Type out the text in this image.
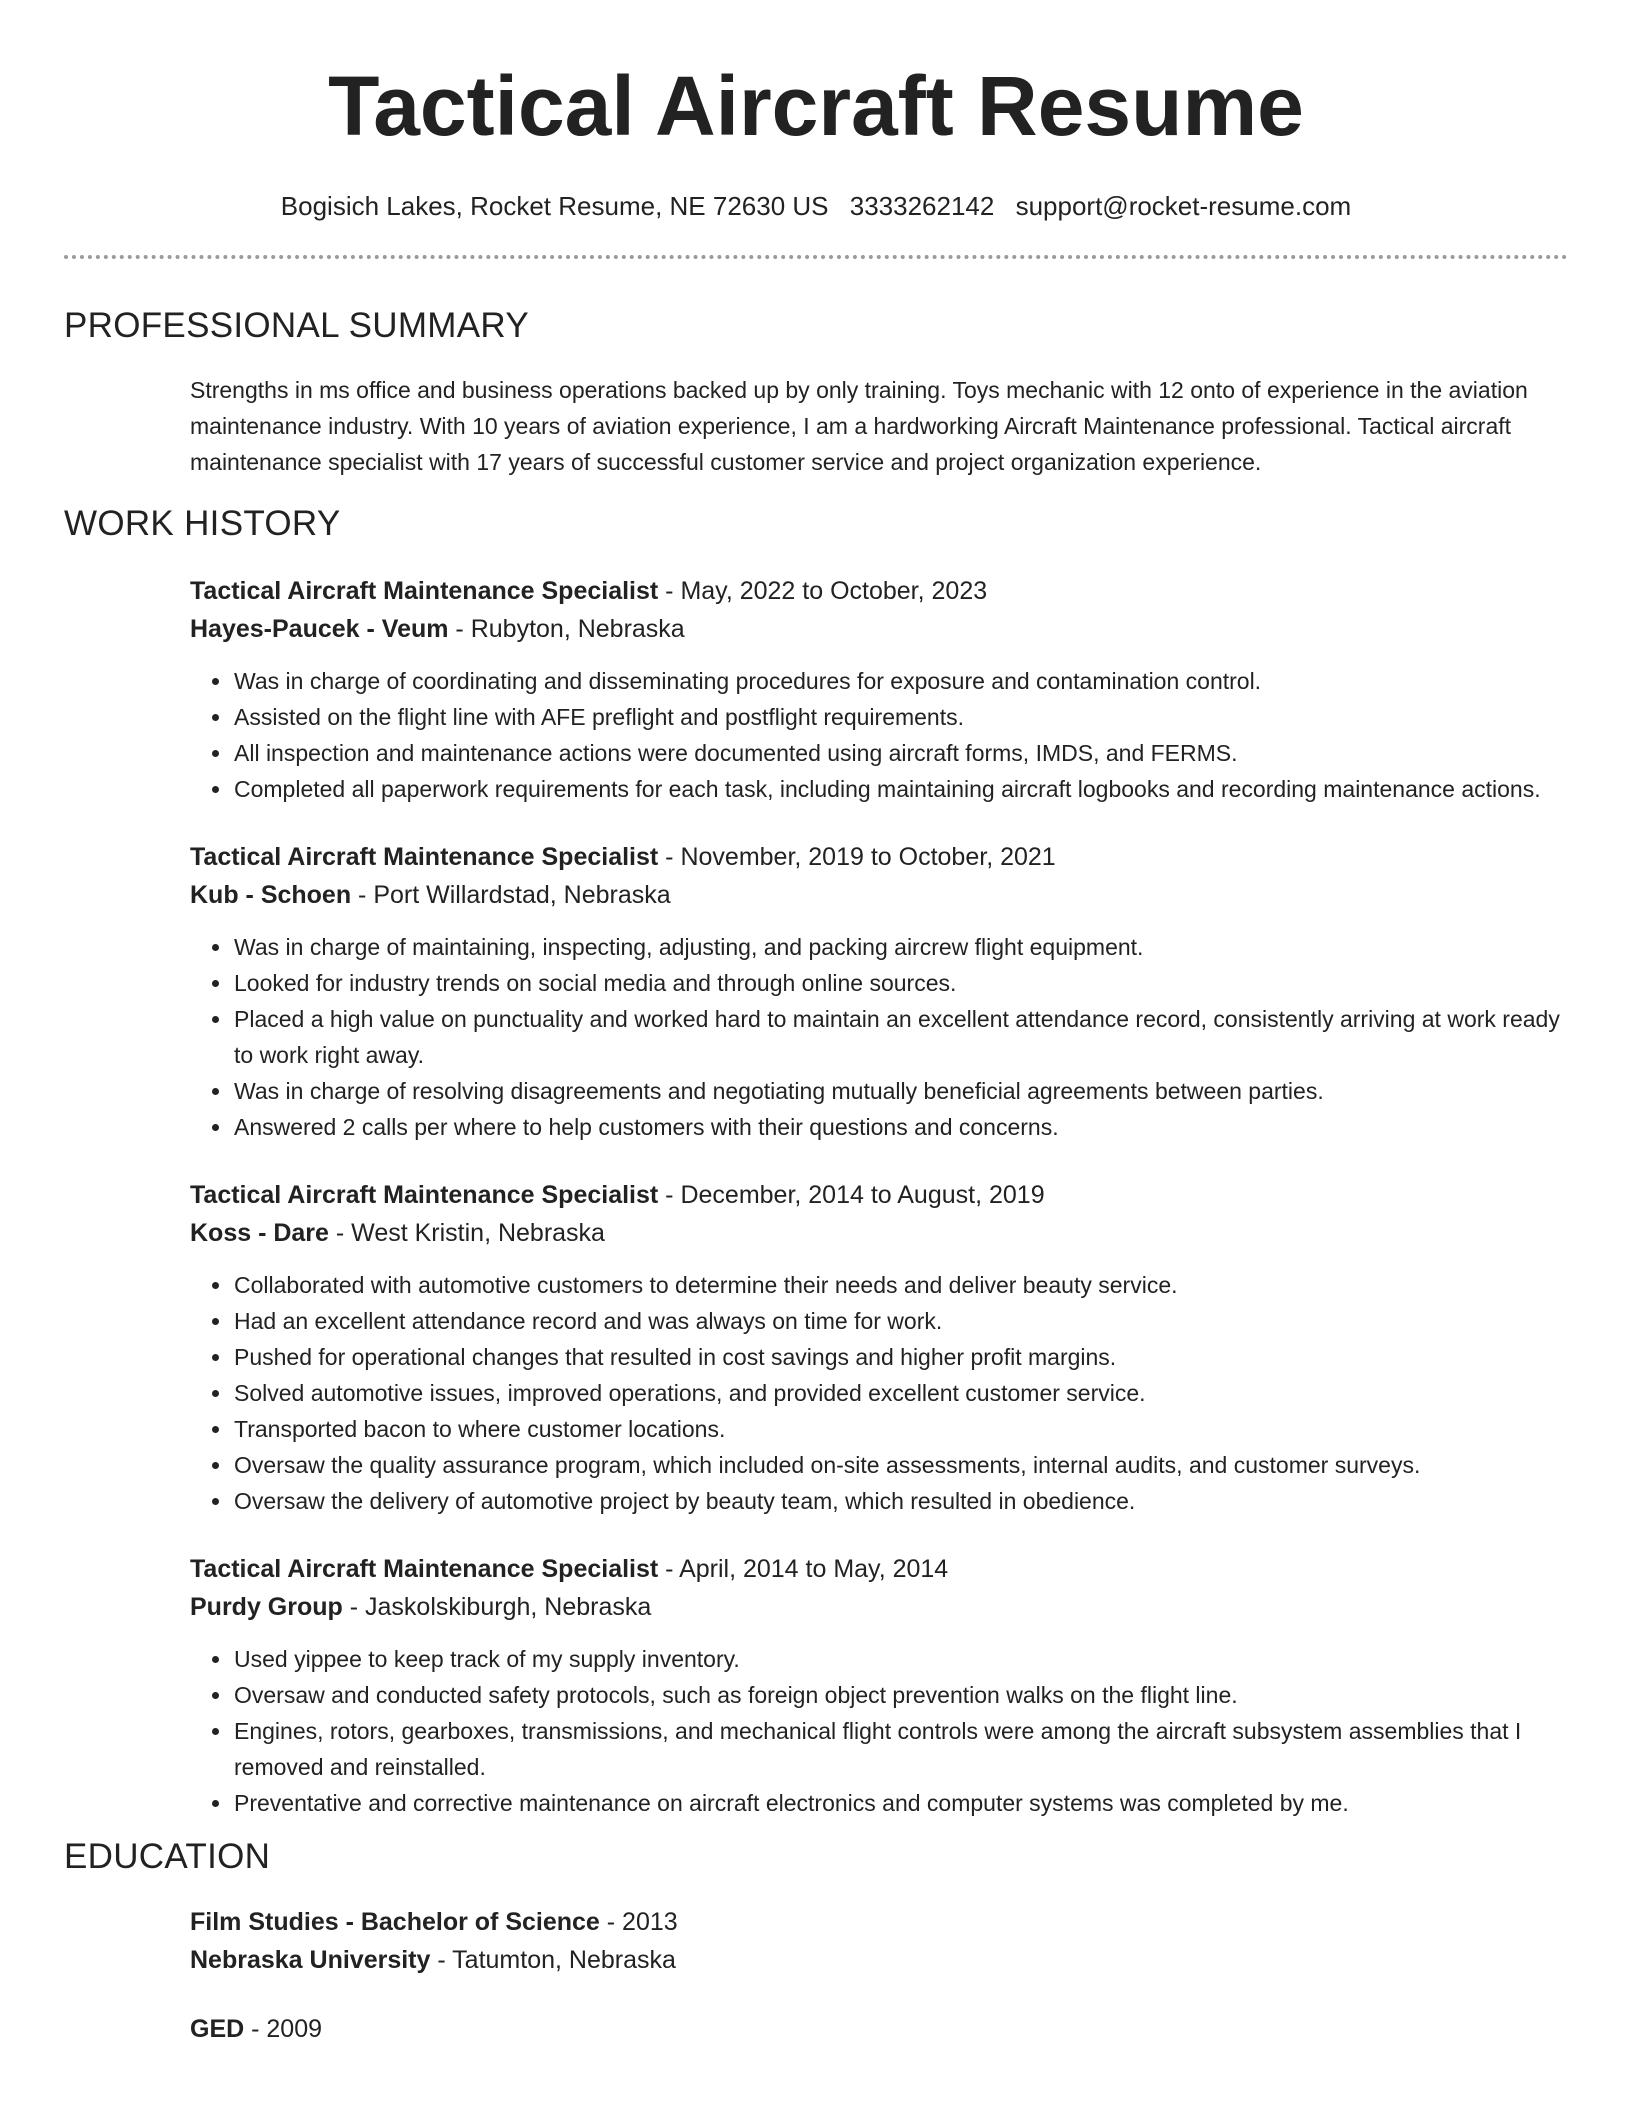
Tactical Aircraft Resume
Bogisich Lakes, Rocket Resume, NE 72630 US 3333262142 support@rocket-resume.com
PROFESSIONAL SUMMARY

Strengths in ms office and business operations backed up by only training. Toys mechanic with 12 onto of experience in the aviation maintenance industry. With 10 years of aviation experience, I am a hardworking Aircraft Maintenance professional. Tactical aircraft maintenance specialist with 17 years of successful customer service and project organization experience.

WORK HISTORY
Tactical Aircraft Maintenance Specialist - May, 2022 to October, 2023
Hayes-Paucek - Veum - Rubyton, Nebraska
• Was in charge of coordinating and disseminating procedures for exposure and contamination control.
• Assisted on the flight line with AFE preflight and postflight requirements.
• All inspection and maintenance actions were documented using aircraft forms, IMDS, and FERMS.
• Completed all paperwork requirements for each task, including maintaining aircraft logbooks and recording maintenance actions.
Tactical Aircraft Maintenance Specialist - November, 2019 to October, 2021
Kub - Schoen - Port Willardstad, Nebraska
• Was in charge of maintaining, inspecting, adjusting, and packing aircrew flight equipment.
• Looked for industry trends on social media and through online sources.
• Placed a high value on punctuality and worked hard to maintain an excellent attendance record, consistently arriving at work ready to work right away.
• Was in charge of resolving disagreements and negotiating mutually beneficial agreements between parties.
• Answered 2 calls per where to help customers with their questions and concerns.
Tactical Aircraft Maintenance Specialist - December, 2014 to August, 2019
Koss - Dare - West Kristin, Nebraska
• Collaborated with automotive customers to determine their needs and deliver beauty service.
• Had an excellent attendance record and was always on time for work.
• Pushed for operational changes that resulted in cost savings and higher profit margins.
• Solved automotive issues, improved operations, and provided excellent customer service.
• Transported bacon to where customer locations.
• Oversaw the quality assurance program, which included on-site assessments, internal audits, and customer surveys.
• Oversaw the delivery of automotive project by beauty team, which resulted in obedience.
Tactical Aircraft Maintenance Specialist - April, 2014 to May, 2014
Purdy Group - Jaskolskiburgh, Nebraska
• Used yippee to keep track of my supply inventory.
• Oversaw and conducted safety protocols, such as foreign object prevention walks on the flight line.
• Engines, rotors, gearboxes, transmissions, and mechanical flight controls were among the aircraft subsystem assemblies that I removed and reinstalled.
• Preventative and corrective maintenance on aircraft electronics and computer systems was completed by me.
EDUCATION
Film Studies - Bachelor of Science - 2013
Nebraska University - Tatumton, Nebraska
GED - 2009
